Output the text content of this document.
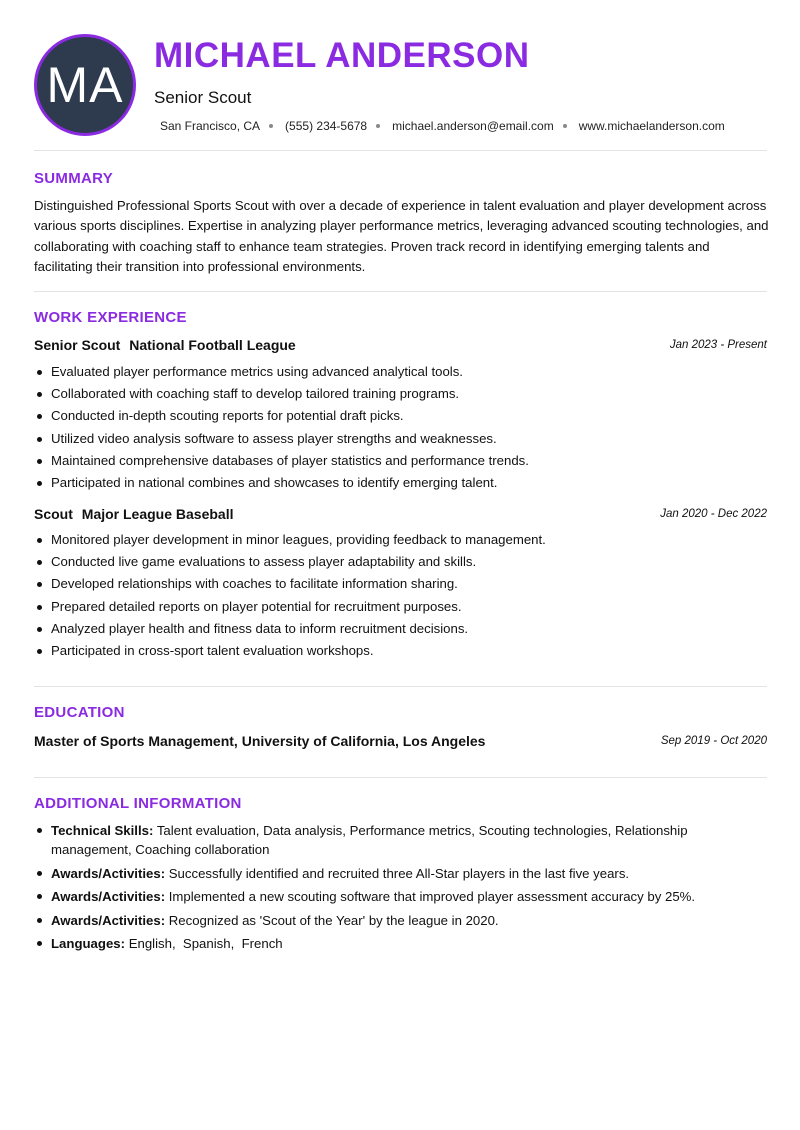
MA
MICHAEL ANDERSON
Senior Scout
San Francisco, CA (555) 234-5678 michael.anderson@email.com www.michaelanderson.com
SUMMARY

Distinguished Professional Sports Scout with over a decade of experience in talent evaluation and player development across various sports disciplines. Expertise in analyzing player performance metrics, leveraging advanced scouting technologies, and collaborating with coaching staff to enhance team strategies. Proven track record in identifying emerging talents and facilitating their transition into professional environments.

WORK EXPERIENCE
Senior Scout National Football League	Jan 2023 - Present
Evaluated player performance metrics using advanced analytical tools.
Collaborated with coaching staff to develop tailored training programs.
Conducted in-depth scouting reports for potential draft picks.
Utilized video analysis software to assess player strengths and weaknesses.
Maintained comprehensive databases of player statistics and performance trends.
Participated in national combines and showcases to identify emerging talent.
Scout Major League Baseball	Jan 2020 - Dec 2022
Monitored player development in minor leagues, providing feedback to management.
Conducted live game evaluations to assess player adaptability and skills.
Developed relationships with coaches to facilitate information sharing.
Prepared detailed reports on player potential for recruitment purposes.
Analyzed player health and fitness data to inform recruitment decisions.
Participated in cross-sport talent evaluation workshops.
EDUCATION
Master of Sports Management, University of California, Los Angeles	Sep 2019 - Oct 2020
ADDITIONAL INFORMATION
Technical Skills: Talent evaluation, Data analysis, Performance metrics, Scouting technologies, Relationship management, Coaching collaboration
Awards/Activities: Successfully identified and recruited three All-Star players in the last five years.
Awards/Activities: Implemented a new scouting software that improved player assessment accuracy by 25%.
Awards/Activities: Recognized as 'Scout of the Year' by the league in 2020.
Languages: English,  Spanish,  French
